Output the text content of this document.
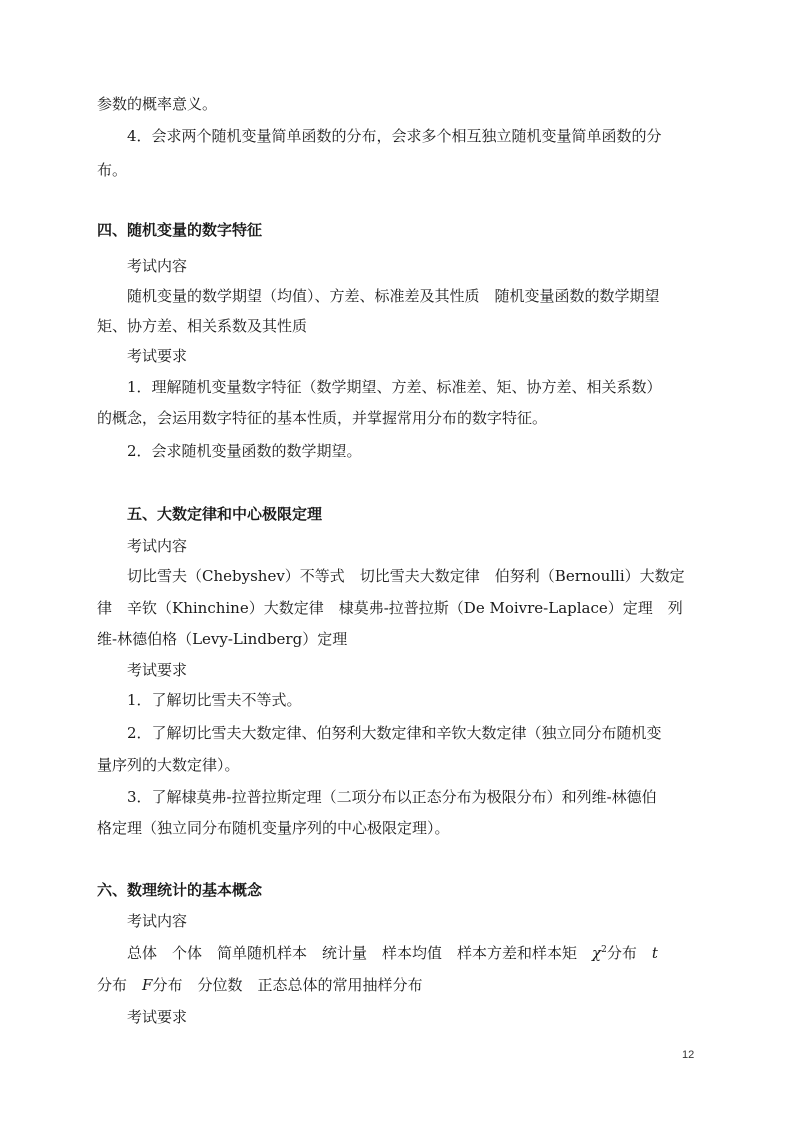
参数的概率意义。
4．会求两个随机变量简单函数的分布，会求多个相互独立随机变量简单函数的分
布。
四、随机变量的数字特征
考试内容
随机变量的数学期望（均值）、方差、标准差及其性质　随机变量函数的数学期望
矩、协方差、相关系数及其性质
考试要求
1．理解随机变量数字特征（数学期望、方差、标准差、矩、协方差、相关系数）
的概念，会运用数字特征的基本性质，并掌握常用分布的数字特征。
2．会求随机变量函数的数学期望。
五、大数定律和中心极限定理
考试内容
切比雪夫（Chebyshev）不等式　切比雪夫大数定律　伯努利（Bernoulli）大数定
律　辛钦（Khinchine）大数定律　棣莫弗-拉普拉斯（De Moivre-Laplace）定理　列
维-林德伯格（Levy-Lindberg）定理
考试要求
1．了解切比雪夫不等式。
2．了解切比雪夫大数定律、伯努利大数定律和辛钦大数定律（独立同分布随机变
量序列的大数定律）。
3．了解棣莫弗-拉普拉斯定理（二项分布以正态分布为极限分布）和列维-林德伯
格定理（独立同分布随机变量序列的中心极限定理）。
六、数理统计的基本概念
考试内容
总体　个体　简单随机样本　统计量　样本均值　样本方差和样本矩　$\chi^2$分布　t
分布　F分布　分位数　正态总体的常用抽样分布
考试要求
12
